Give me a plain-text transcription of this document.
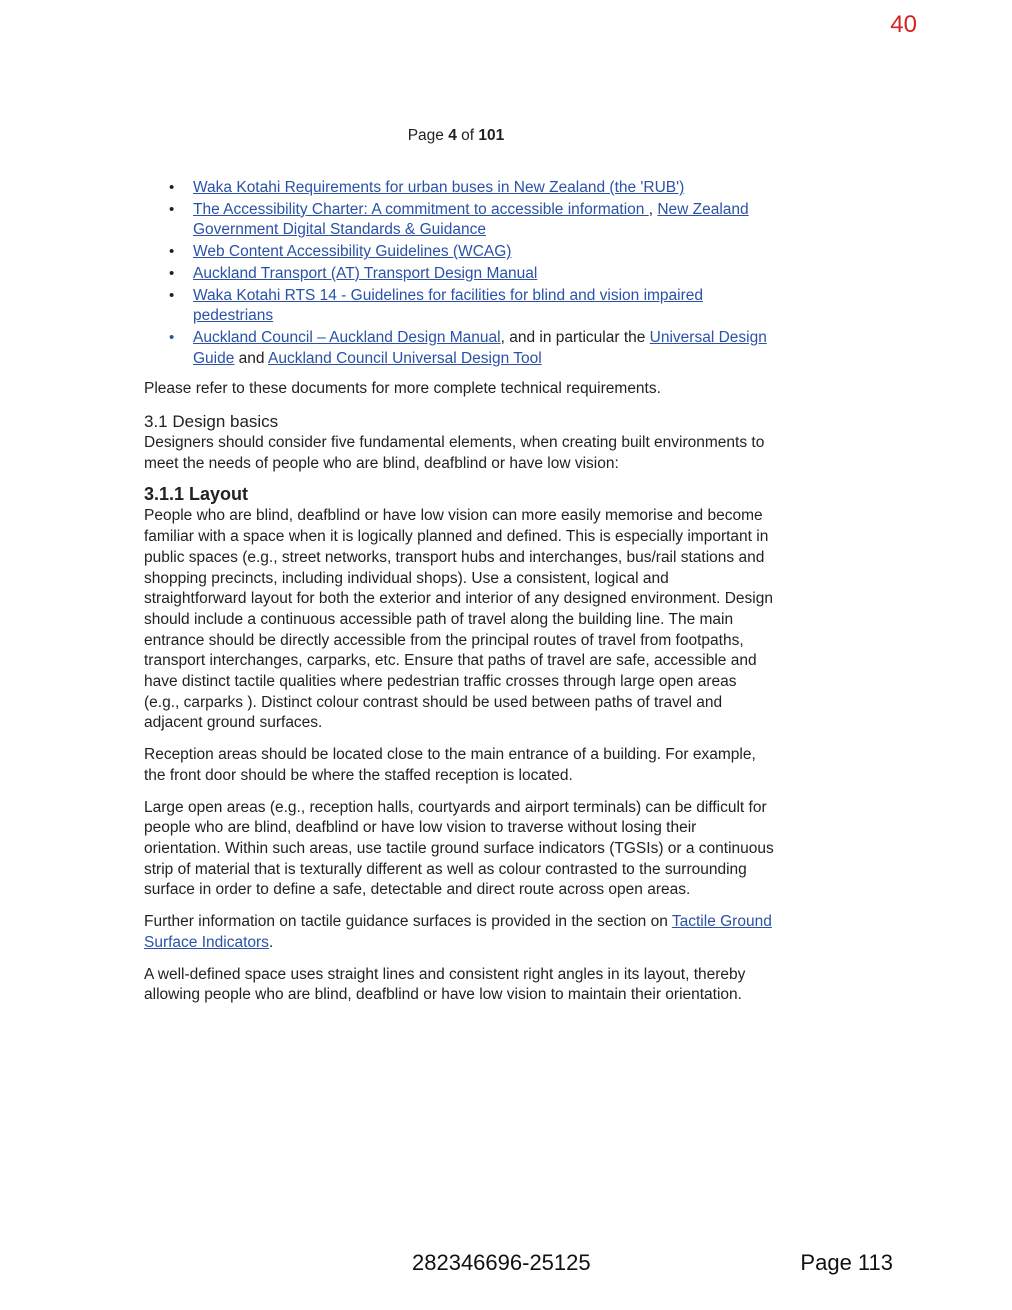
40
Page 4 of 101
• Waka Kotahi Requirements for urban buses in New Zealand (the 'RUB')
• The Accessibility Charter: A commitment to accessible information , New Zealand Government Digital Standards & Guidance
• Web Content Accessibility Guidelines (WCAG)
• Auckland Transport (AT) Transport Design Manual
• Waka Kotahi RTS 14 - Guidelines for facilities for blind and vision impaired pedestrians
• Auckland Council – Auckland Design Manual, and in particular the Universal Design Guide and Auckland Council Universal Design Tool

Please refer to these documents for more complete technical requirements.

3.1 Design basics

Designers should consider five fundamental elements, when creating built environments to meet the needs of people who are blind, deafblind or have low vision:

3.1.1 Layout

People who are blind, deafblind or have low vision can more easily memorise and become familiar with a space when it is logically planned and defined. This is especially important in public spaces (e.g., street networks, transport hubs and interchanges, bus/rail stations and shopping precincts, including individual shops). Use a consistent, logical and straightforward layout for both the exterior and interior of any designed environment. Design should include a continuous accessible path of travel along the building line. The main entrance should be directly accessible from the principal routes of travel from footpaths, transport interchanges, carparks, etc. Ensure that paths of travel are safe, accessible and have distinct tactile qualities where pedestrian traffic crosses through large open areas (e.g., carparks ). Distinct colour contrast should be used between paths of travel and adjacent ground surfaces.

Reception areas should be located close to the main entrance of a building. For example, the front door should be where the staffed reception is located.

Large open areas (e.g., reception halls, courtyards and airport terminals) can be difficult for people who are blind, deafblind or have low vision to traverse without losing their orientation. Within such areas, use tactile ground surface indicators (TGSIs) or a continuous strip of material that is texturally different as well as colour contrasted to the surrounding surface in order to define a safe, detectable and direct route across open areas.

Further information on tactile guidance surfaces is provided in the section on Tactile Ground Surface Indicators.

A well-defined space uses straight lines and consistent right angles in its layout, thereby allowing people who are blind, deafblind or have low vision to maintain their orientation.

282346696-25125	Page 113
